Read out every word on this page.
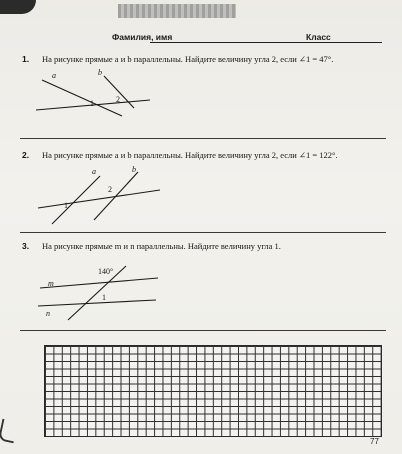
Фамилия, имя	Класс
1. На рисунке прямые a и b параллельны. Найдите величину угла 2, если ∠1 = 47°.
a	b
1	2
2. На рисунке прямые a и b параллельны. Найдите величину угла 2, если ∠1 = 122°.
a	b
1
2
3. На рисунке прямые m и n параллельны. Найдите величину угла 1.
m
n
140°
1
77
